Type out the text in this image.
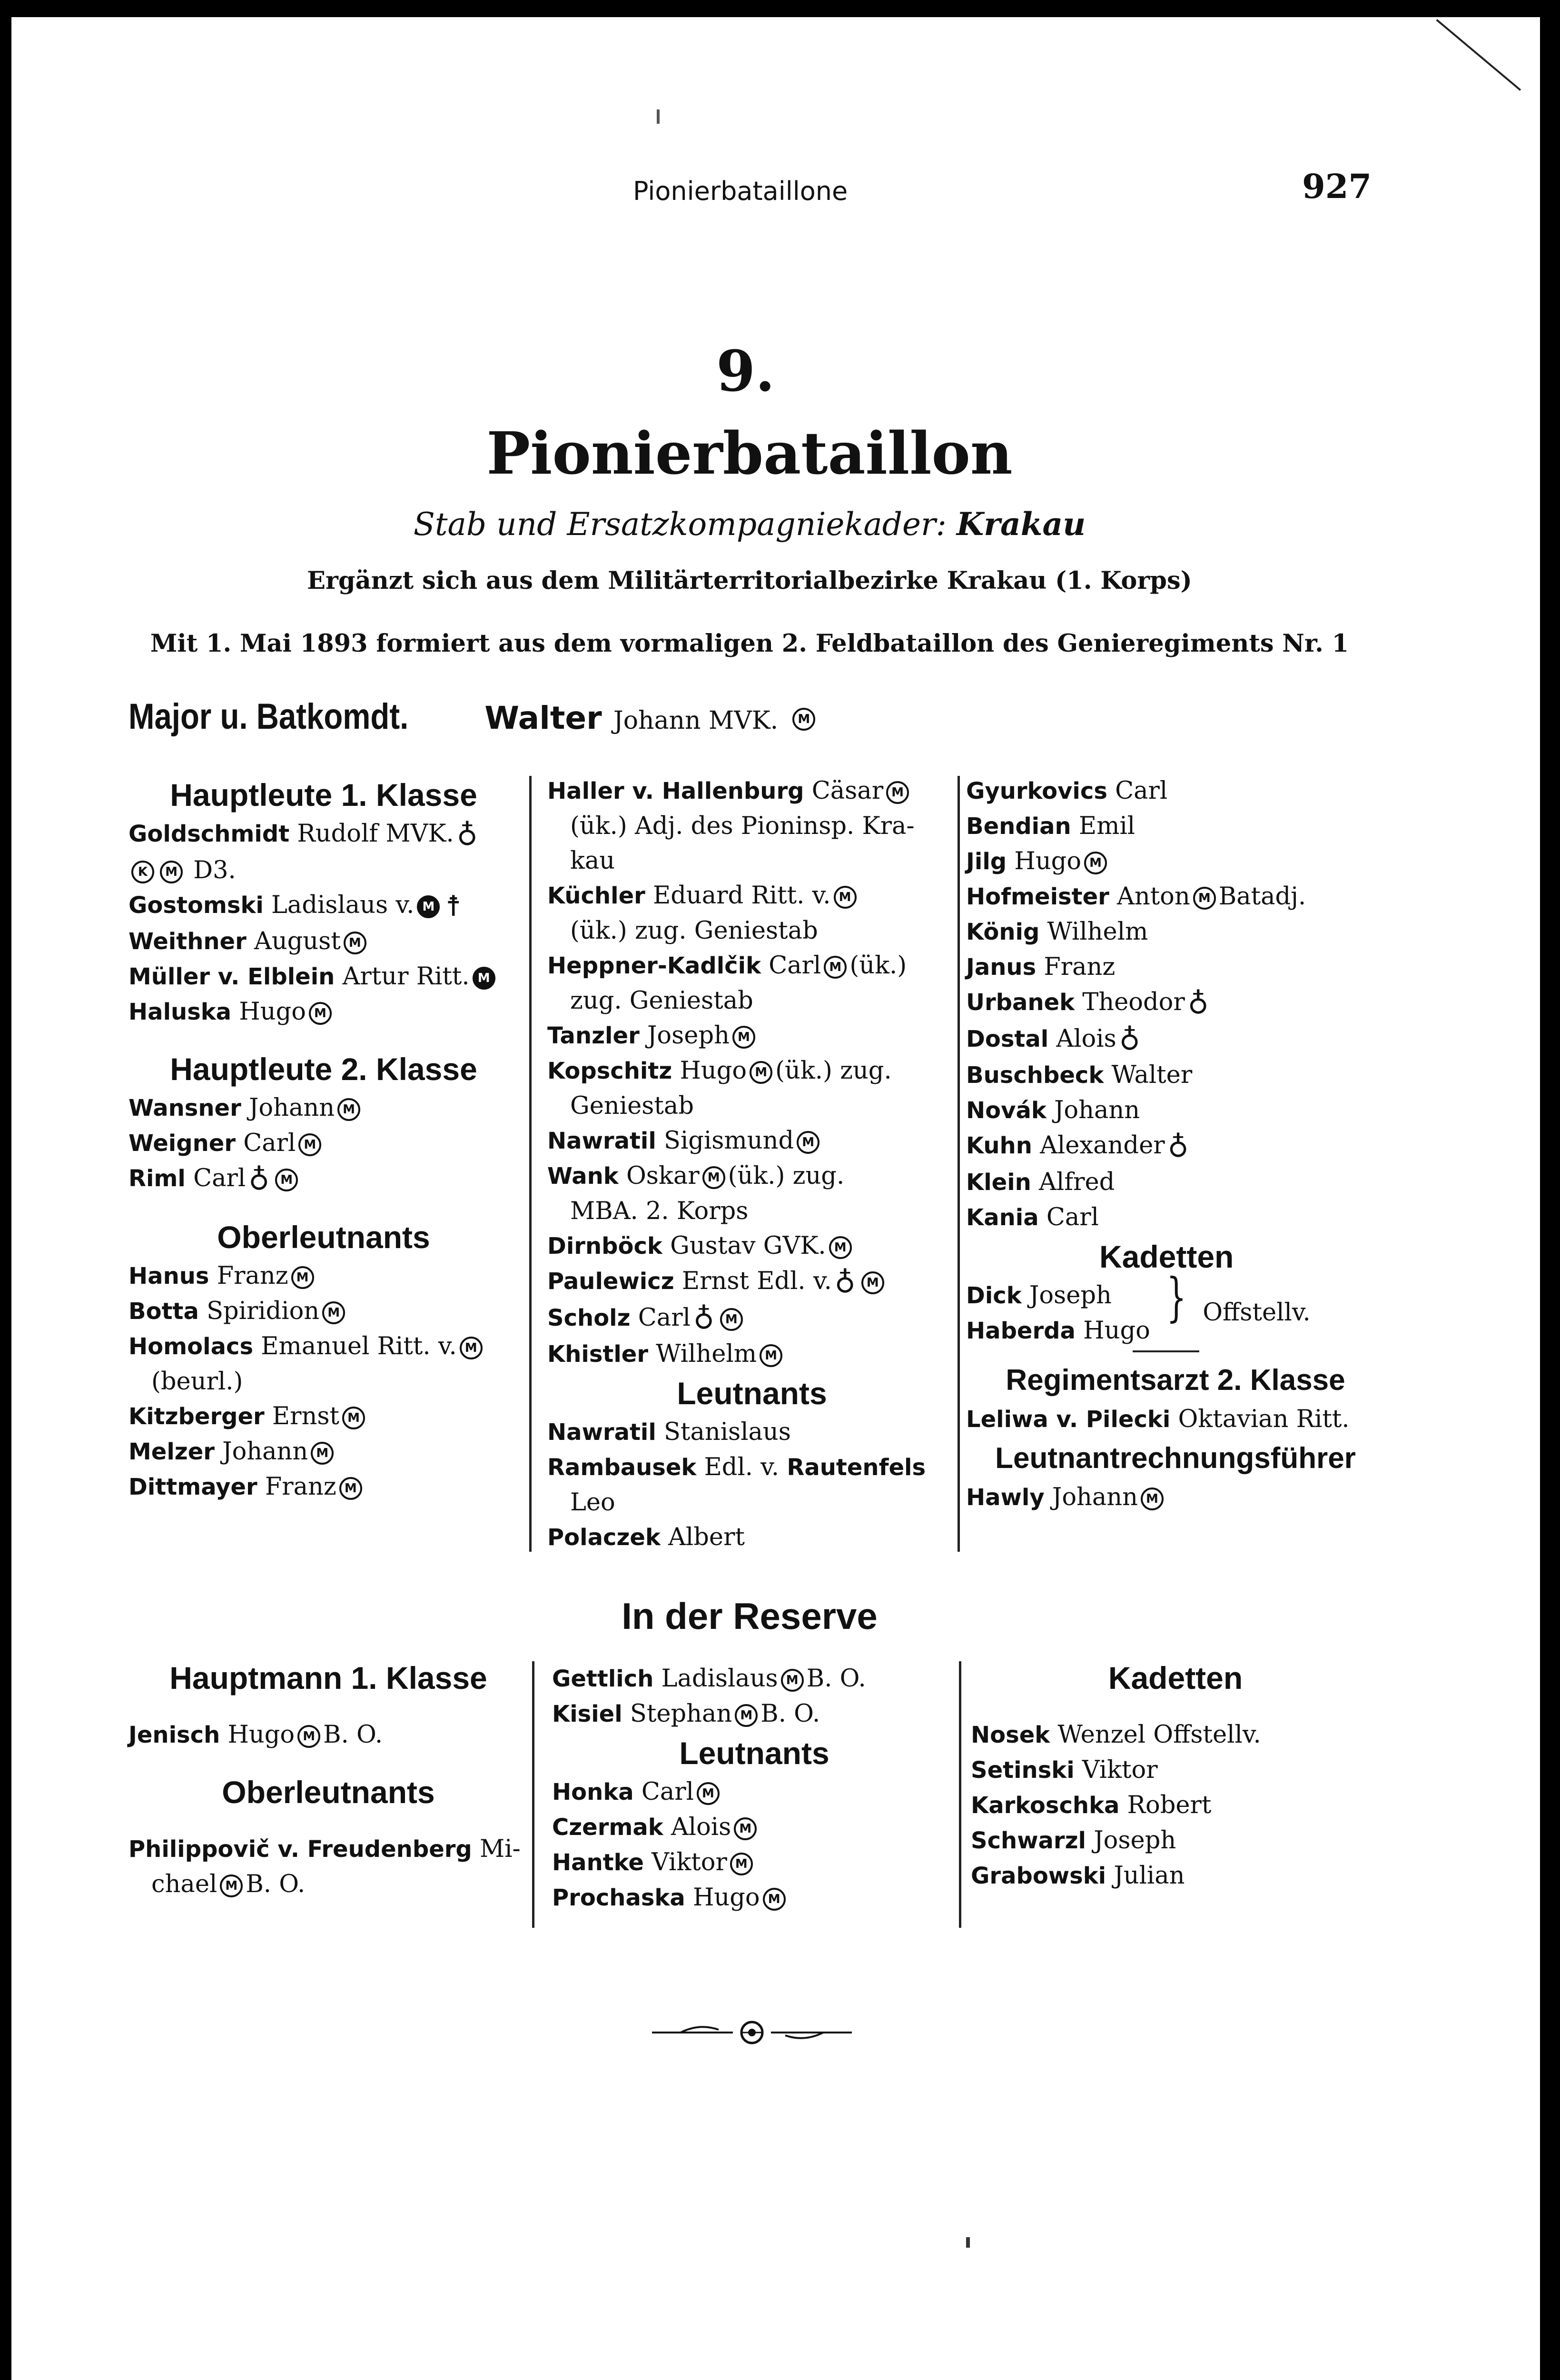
Pionierbataillone	927
9.
Pionierbataillon
Stab und Ersatzkompagniekader: Krakau
Ergänzt sich aus dem Militärterritorialbezirke Krakau (1. Korps)
Mit 1. Mai 1893 formiert aus dem vormaligen 2. Feldbataillon des Genieregiments Nr. 1
Major u. Batkomdt. Walter Johann MVK. M
Hauptleute 1. Klasse
Goldschmidt Rudolf MVK. ♁
K M D3.
Gostomski Ladislaus v. M ☨
Weithner August M
Müller v. Elblein Artur Ritt. M
Haluska Hugo M
Hauptleute 2. Klasse
Wansner Johann M
Weigner Carl M
Riml Carl ♁ M
Oberleutnants
Hanus Franz M
Botta Spiridion M
Homolacs Emanuel Ritt. v. M
(beurl.)
Kitzberger Ernst M
Melzer Johann M
Dittmayer Franz M
Haller v. Hallenburg Cäsar M
(ük.) Adj. des Pioninsp. Kra-
kau
Küchler Eduard Ritt. v. M
(ük.) zug. Geniestab
Heppner-Kadlčik Carl M (ük.)
zug. Geniestab
Tanzler Joseph M
Kopschitz Hugo M (ük.) zug.
Geniestab
Nawratil Sigismund M
Wank Oskar M (ük.) zug.
MBA. 2. Korps
Dirnböck Gustav GVK. M
Paulewicz Ernst Edl. v. ♁ M
Scholz Carl ♁ M
Khistler Wilhelm M
Leutnants
Nawratil Stanislaus
Rambausek Edl. v. Rautenfels
Leo
Polaczek Albert
Gyurkovics Carl
Bendian Emil
Jilg Hugo M
Hofmeister Anton M Batadj.
König Wilhelm
Janus Franz
Urbanek Theodor ♁
Dostal Alois ♁
Buschbeck Walter
Novák Johann
Kuhn Alexander ♁
Klein Alfred
Kania Carl
Kadetten
Dick Joseph
Haberda Hugo
} Offstellv.
Regimentsarzt 2. Klasse
Leliwa v. Pilecki Oktavian Ritt.
Leutnantrechnungsführer
Hawly Johann M
In der Reserve
Hauptmann 1. Klasse
Jenisch Hugo M B. O.
Oberleutnants
Philippovič v. Freudenberg Mi-
chael M B. O.
Gettlich Ladislaus M B. O.
Kisiel Stephan M B. O.
Leutnants
Honka Carl M
Czermak Alois M
Hantke Viktor M
Prochaska Hugo M
Kadetten
Nosek Wenzel Offstellv.
Setinski Viktor
Karkoschka Robert
Schwarzl Joseph
Grabowski Julian
